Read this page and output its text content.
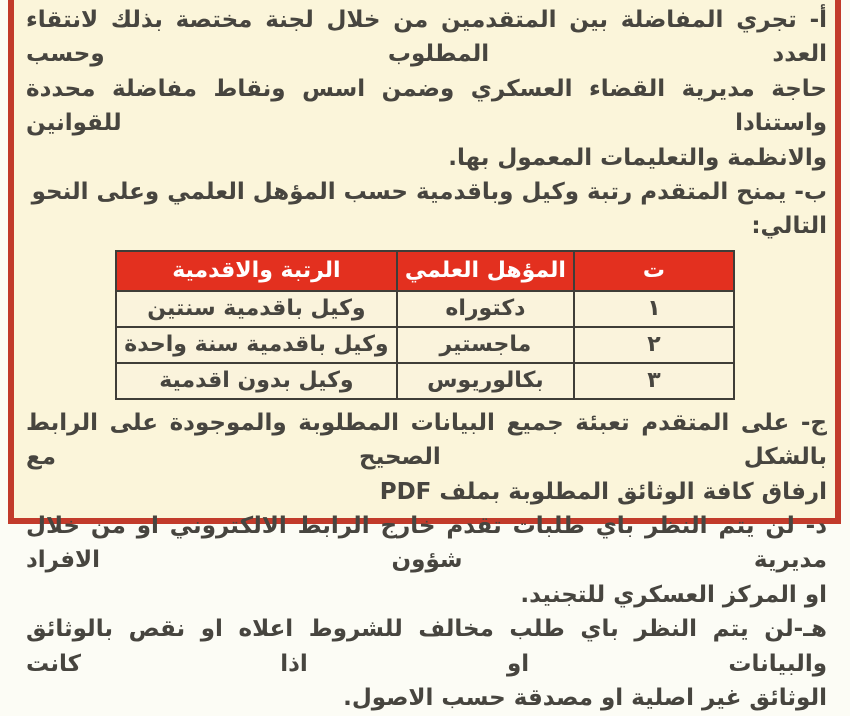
أ- تجري المفاضلة بين المتقدمين من خلال لجنة مختصة بذلك لانتقاء العدد المطلوب وحسب
حاجة مديرية القضاء العسكري وضمن اسس ونقاط مفاضلة محددة واستنادا للقوانين
والانظمة والتعليمات المعمول بها.
ب- يمنح المتقدم رتبة وكيل وباقدمية حسب المؤهل العلمي وعلى النحو التالي:
ت	المؤهل العلمي	الرتبة والاقدمية
١	دكتوراه	وكيل باقدمية سنتين
٢	ماجستير	وكيل باقدمية سنة واحدة
٣	بكالوريوس	وكيل بدون اقدمية
ج- على المتقدم تعبئة جميع البيانات المطلوبة والموجودة على الرابط بالشكل الصحيح مع
ارفاق كافة الوثائق المطلوبة بملف PDF
د- لن يتم النظر باي طلبات تقدم خارج الرابط الالكتروني او من خلال مديرية شؤون الافراد
او المركز العسكري للتجنيد.
هـ-لن يتم النظر باي طلب مخالف للشروط اعلاه او نقص بالوثائق والبيانات او اذا كانت
الوثائق غير اصلية او مصدقة حسب الاصول.
